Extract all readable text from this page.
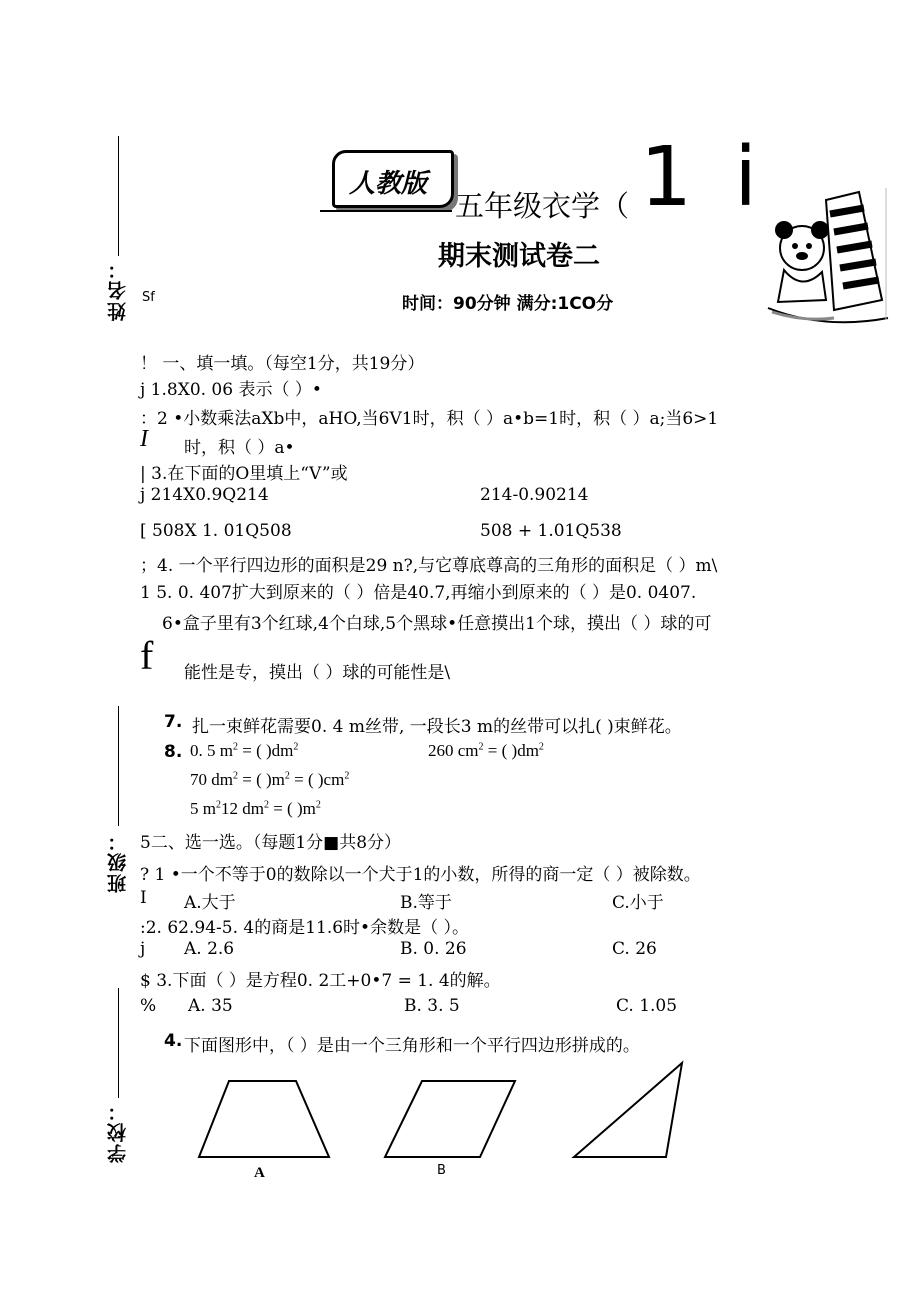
姓名：
班级：
学校：
人教版
五年级衣学（ 1 i
期末测试卷二
Sf	时间：90分钟 满分:1CO分
！ 一、填一填。（每空1分，共19分）
j 1.8X0. 06 表示（ ）•
：2 •小数乘法aXb中，aHO,当6V1时，积（ ）a•b=1时，积（ ）a;当6>1
I 时，积（ ）a•
| 3.在下面的O里填上“V”或
j 214X0.9Q214	214-0.90214
[ 508X 1. 01Q508	508 + 1.01Q538
；4. 一个平行四边形的面积是29 n?,与它尊底尊高的三角形的面积足（ ）m\
1 5. 0. 407扩大到原来的（ ）倍是40.7,再缩小到原来的（ ）是0. 0407.
6•盒子里有3个红球,4个白球,5个黑球•任意摸出1个球，摸出（ ）球的可
f 能性是专，摸出（ ）球的可能性是\
7. 扎一束鲜花需要0. 4 m丝带, 一段长3 m的丝带可以扎( )束鲜花。
8. 0. 5 $m^2$ = ( )$dm^2$	260 $cm^2$ = ( )$dm^2$
70 $dm^2$ = ( )$m^2$ = ( )$cm^2$
5 $m^212$ $dm^2$ = ( )$m^2$
5二、选一选。（每题1分■共8分）
? 1 •一个不等于0的数除以一个犬于1的小数，所得的商一定（ ）被除数。
I A.大于	B.等于	C.小于
:2. 62.94-5. 4的商是11.6时•余数是（ ）。
j A. 2.6	B. 0. 26	C. 26
$ 3.下面（ ）是方程0. 2工+0•7 = 1. 4的解。
% A. 35	B. 3. 5	C. 1.05
4. 下面图形中，（ ）是由一个三角形和一个平行四边形拼成的。
A	B
